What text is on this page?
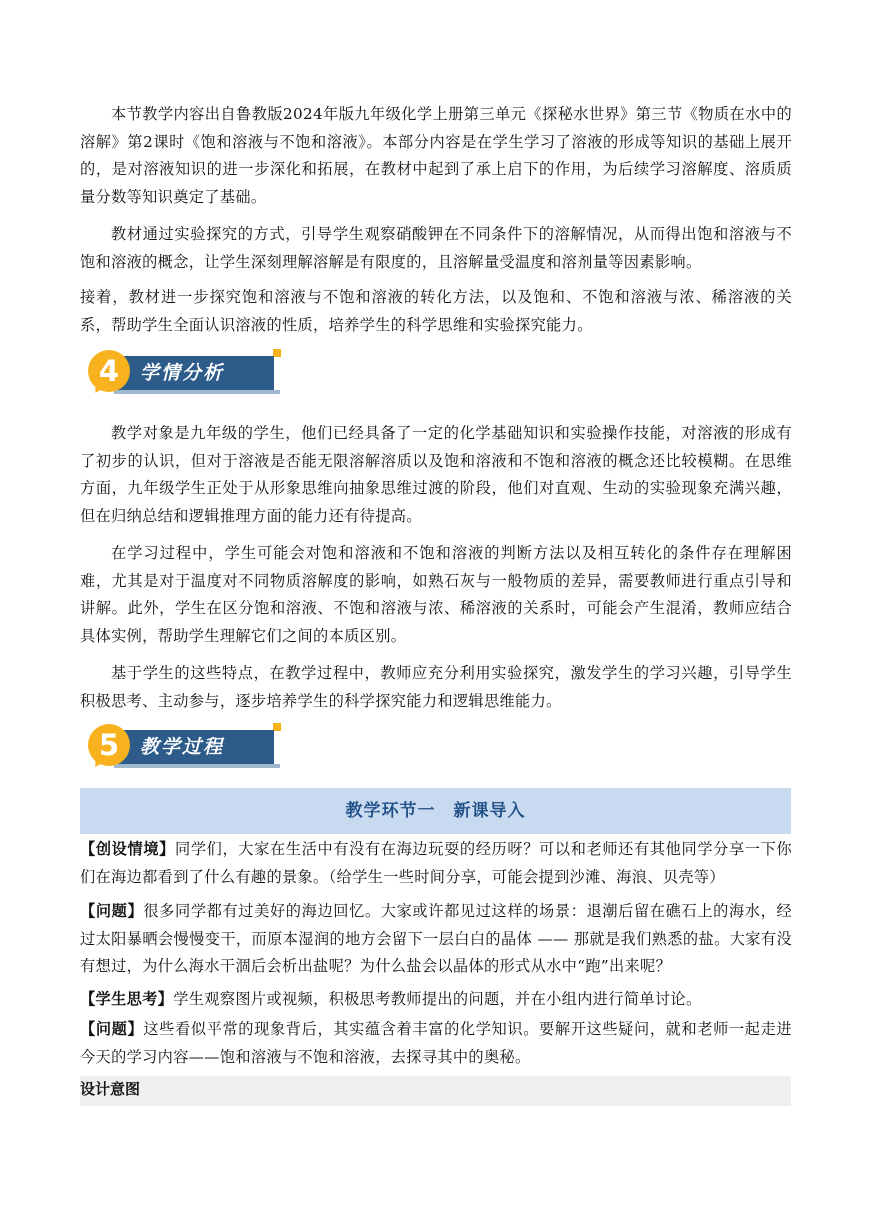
本节教学内容出自鲁教版2024年版九年级化学上册第三单元《探秘水世界》第三节《物质在水中的溶解》第2课时《饱和溶液与不饱和溶液》。本部分内容是在学生学习了溶液的形成等知识的基础上展开的，是对溶液知识的进一步深化和拓展，在教材中起到了承上启下的作用，为后续学习溶解度、溶质质量分数等知识奠定了基础。

教材通过实验探究的方式，引导学生观察硝酸钾在不同条件下的溶解情况，从而得出饱和溶液与不饱和溶液的概念，让学生深刻理解溶解是有限度的，且溶解量受温度和溶剂量等因素影响。

接着，教材进一步探究饱和溶液与不饱和溶液的转化方法，以及饱和、不饱和溶液与浓、稀溶液的关系，帮助学生全面认识溶液的性质，培养学生的科学思维和实验探究能力。

4	学情分析

教学对象是九年级的学生，他们已经具备了一定的化学基础知识和实验操作技能，对溶液的形成有了初步的认识，但对于溶液是否能无限溶解溶质以及饱和溶液和不饱和溶液的概念还比较模糊。在思维方面，九年级学生正处于从形象思维向抽象思维过渡的阶段，他们对直观、生动的实验现象充满兴趣，但在归纳总结和逻辑推理方面的能力还有待提高。

在学习过程中，学生可能会对饱和溶液和不饱和溶液的判断方法以及相互转化的条件存在理解困难，尤其是对于温度对不同物质溶解度的影响，如熟石灰与一般物质的差异，需要教师进行重点引导和讲解。此外，学生在区分饱和溶液、不饱和溶液与浓、稀溶液的关系时，可能会产生混淆，教师应结合具体实例，帮助学生理解它们之间的本质区别。

基于学生的这些特点，在教学过程中，教师应充分利用实验探究，激发学生的学习兴趣，引导学生积极思考、主动参与，逐步培养学生的科学探究能力和逻辑思维能力。

5	教学过程
教学环节一　新课导入

【创设情境】同学们，大家在生活中有没有在海边玩耍的经历呀？可以和老师还有其他同学分享一下你们在海边都看到了什么有趣的景象。（给学生一些时间分享，可能会提到沙滩、海浪、贝壳等）

【问题】很多同学都有过美好的海边回忆。大家或许都见过这样的场景：退潮后留在礁石上的海水，经过太阳暴晒会慢慢变干，而原本湿润的地方会留下一层白白的晶体 —— 那就是我们熟悉的盐。大家有没有想过，为什么海水干涸后会析出盐呢？为什么盐会以晶体的形式从水中“跑”出来呢？

【学生思考】学生观察图片或视频，积极思考教师提出的问题，并在小组内进行简单讨论。

【问题】这些看似平常的现象背后，其实蕴含着丰富的化学知识。要解开这些疑问，就和老师一起走进今天的学习内容——饱和溶液与不饱和溶液，去探寻其中的奥秘。

设计意图
